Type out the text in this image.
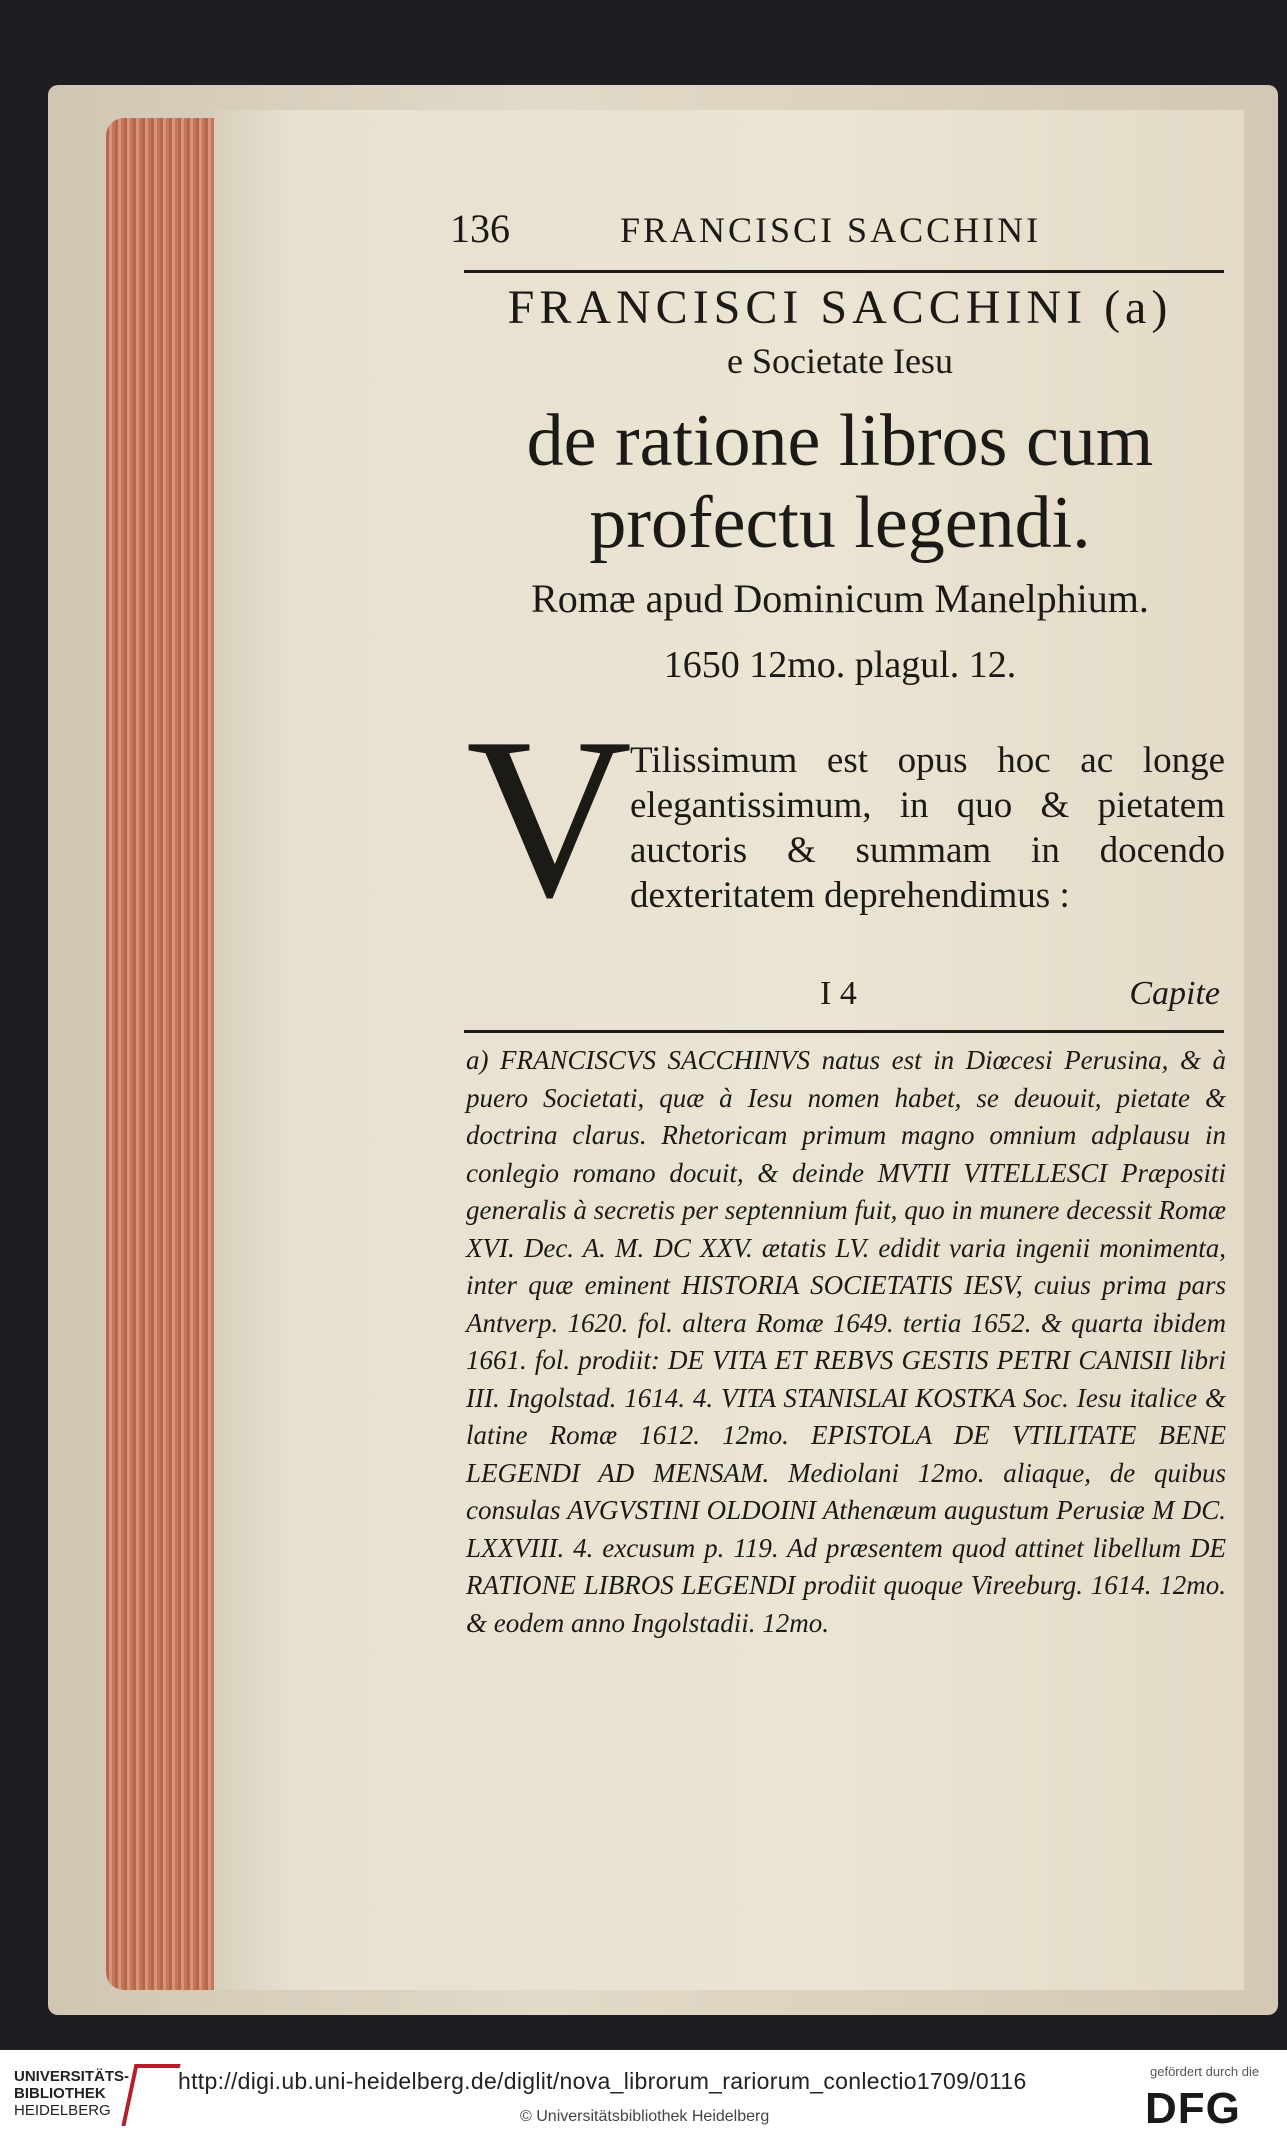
136	FRANCISCI SACCHINI
FRANCISCI SACCHINI (a)
e Societate Iesu
de ratione libros cum profectu legendi.
Romæ apud Dominicum Manelphium.
1650 12mo. plagul. 12.
V
Tilissimum est opus hoc ac longe elegantissimum, in quo & pietatem auctoris & summam in docendo dexteritatem deprehendimus :
I 4	Capite
a) FRANCISCVS SACCHINVS natus est in Diœcesi Perusina, & à puero Societati, quæ à Iesu nomen habet, se deuouit, pietate & doctrina clarus. Rhetoricam primum magno omnium adplausu in conlegio romano docuit, & deinde MVTII VITELLESCI Præpositi generalis à secretis per septennium fuit, quo in munere decessit Romæ XVI. Dec. A. M. DC XXV. ætatis LV. edidit varia ingenii monimenta, inter quæ eminent HISTORIA SOCIETATIS IESV, cuius prima pars Antverp. 1620. fol. altera Romæ 1649. tertia 1652. & quarta ibidem 1661. fol. prodiit: DE VITA ET REBVS GESTIS PETRI CANISII libri III. Ingolstad. 1614. 4. VITA STANISLAI KOSTKA Soc. Iesu italice & latine Romæ 1612. 12mo. EPISTOLA DE VTILITATE BENE LEGENDI AD MENSAM. Mediolani 12mo. aliaque, de quibus consulas AVGVSTINI OLDOINI Athenæum augustum Perusiæ M DC. LXXVIII. 4. excusum p. 119. Ad præsentem quod attinet libellum DE RATIONE LIBROS LEGENDI prodiit quoque Vireeburg. 1614. 12mo. & eodem anno Ingolstadii. 12mo.
UNIVERSITÄTS-
BIBLIOTHEK
HEIDELBERG
http://digi.ub.uni-heidelberg.de/diglit/nova_librorum_rariorum_conlectio1709/0116
© Universitätsbibliothek Heidelberg
gefördert durch die
DFG
